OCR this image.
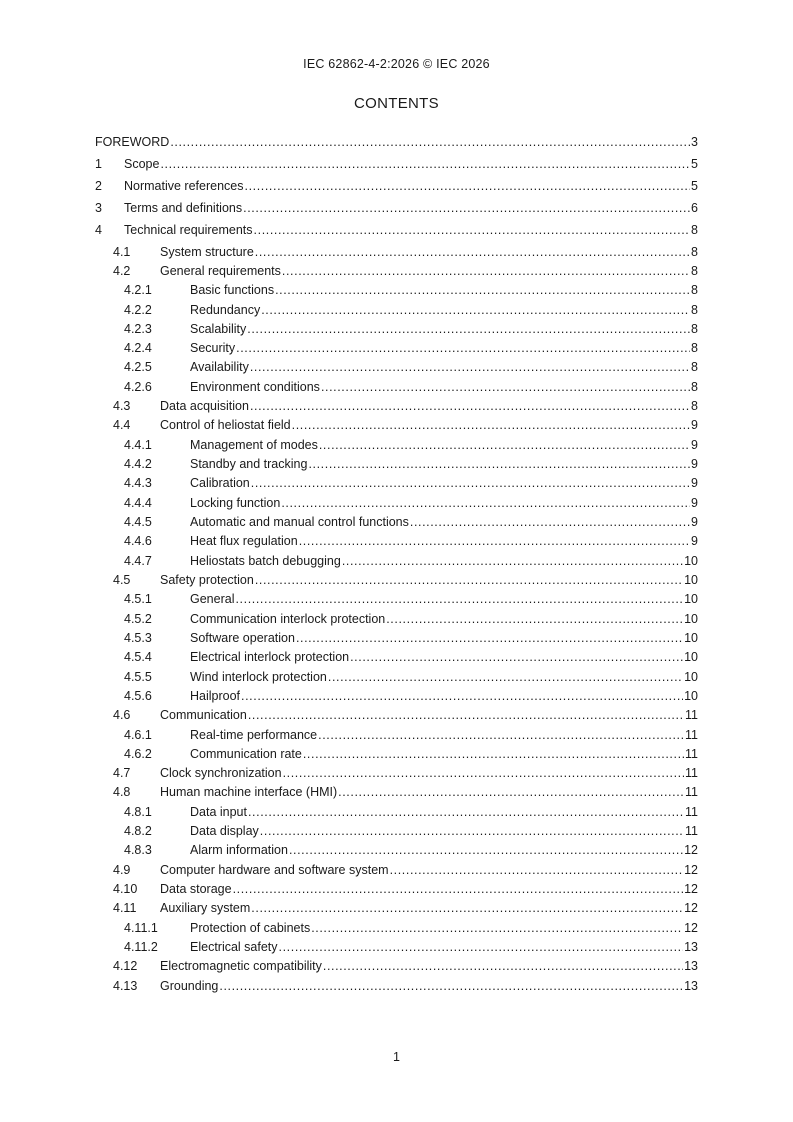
IEC 62862-4-2:2026 © IEC 2026
CONTENTS
FOREWORD .....	3
1	Scope .....	5
2	Normative references .....	5
3	Terms and definitions .....	6
4	Technical requirements .....	8
4.1	System structure .....	8
4.2	General requirements .....	8
4.2.1	Basic functions .....	8
4.2.2	Redundancy .....	8
4.2.3	Scalability .....	8
4.2.4	Security .....	8
4.2.5	Availability .....	8
4.2.6	Environment conditions .....	8
4.3	Data acquisition .....	8
4.4	Control of heliostat field .....	9
4.4.1	Management of modes .....	9
4.4.2	Standby and tracking .....	9
4.4.3	Calibration .....	9
4.4.4	Locking function .....	9
4.4.5	Automatic and manual control functions .....	9
4.4.6	Heat flux regulation .....	9
4.4.7	Heliostats batch debugging .....	10
4.5	Safety protection .....	10
4.5.1	General .....	10
4.5.2	Communication interlock protection .....	10
4.5.3	Software operation .....	10
4.5.4	Electrical interlock protection .....	10
4.5.5	Wind interlock protection .....	10
4.5.6	Hailproof .....	10
4.6	Communication .....	11
4.6.1	Real-time performance .....	11
4.6.2	Communication rate .....	11
4.7	Clock synchronization .....	11
4.8	Human machine interface (HMI) .....	11
4.8.1	Data input .....	11
4.8.2	Data display .....	11
4.8.3	Alarm information .....	12
4.9	Computer hardware and software system .....	12
4.10	Data storage .....	12
4.11	Auxiliary system .....	12
4.11.1	Protection of cabinets .....	12
4.11.2	Electrical safety .....	13
4.12	Electromagnetic compatibility .....	13
4.13	Grounding .....	13
1
